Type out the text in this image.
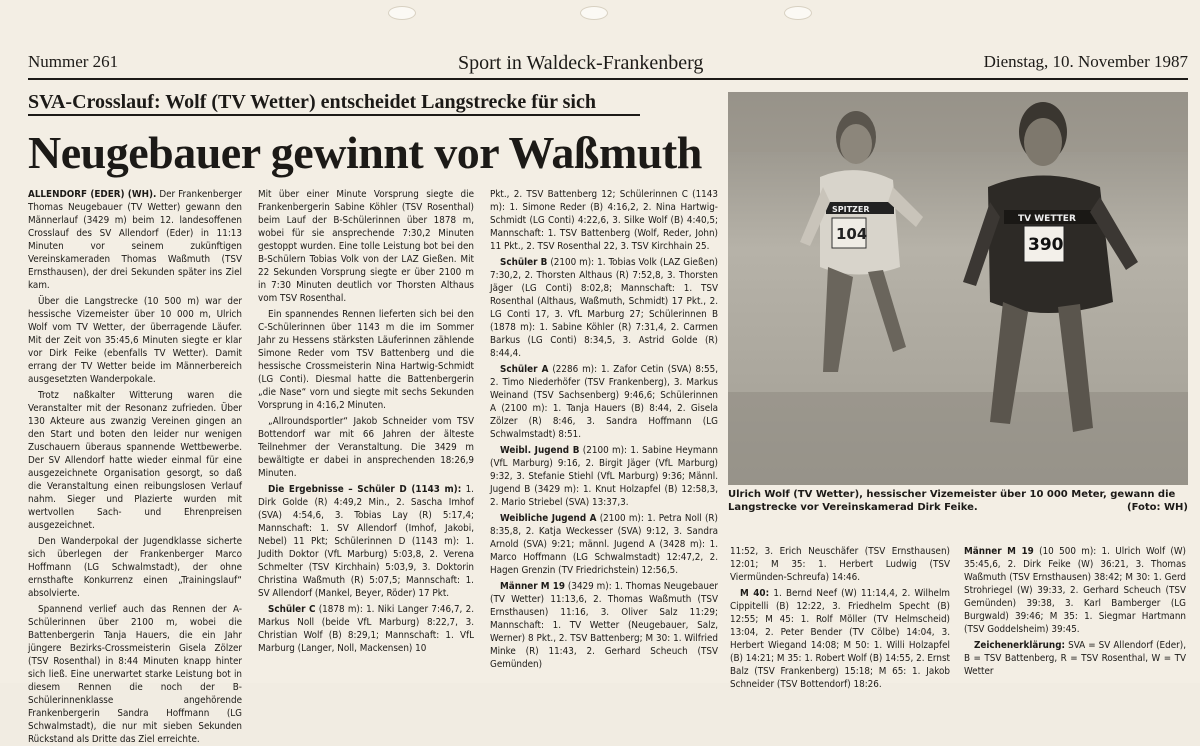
Nummer 261	Sport in Waldeck-Frankenberg	Dienstag, 10. November 1987
SVA-Crosslauf: Wolf (TV Wetter) entscheidet Langstrecke für sich
Neugebauer gewinnt vor Waßmuth

ALLENDORF (EDER) (WH). Der Frankenberger Thomas Neugebauer (TV Wetter) gewann den Männerlauf (3429 m) beim 12. landesoffenen Crosslauf des SV Allendorf (Eder) in 11:13 Minuten vor seinem zukünftigen Vereinskameraden Thomas Waßmuth (TSV Ernsthausen), der drei Sekunden später ins Ziel kam.

Über die Langstrecke (10 500 m) war der hessische Vizemeister über 10 000 m, Ulrich Wolf vom TV Wetter, der überragende Läufer. Mit der Zeit von 35:45,6 Minuten siegte er klar vor Dirk Feike (ebenfalls TV Wetter). Damit errang der TV Wetter beide im Männerbereich ausgesetzten Wanderpokale.

Trotz naßkalter Witterung waren die Veranstalter mit der Resonanz zufrieden. Über 130 Akteure aus zwanzig Vereinen gingen an den Start und boten den leider nur wenigen Zuschauern überaus spannende Wettbewerbe. Der SV Allendorf hatte wieder einmal für eine ausgezeichnete Organisation gesorgt, so daß die Veranstaltung einen reibungslosen Verlauf nahm. Sieger und Plazierte wurden mit wertvollen Sach- und Ehrenpreisen ausgezeichnet.

Den Wanderpokal der Jugendklasse sicherte sich überlegen der Frankenberger Marco Hoffmann (LG Schwalmstadt), der ohne ernsthafte Konkurrenz einen „Trainingslauf“ absolvierte.

Spannend verlief auch das Rennen der A-Schülerinnen über 2100 m, wobei die Battenbergerin Tanja Hauers, die ein Jahr jüngere Bezirks-Crossmeisterin Gisela Zölzer (TSV Rosenthal) in 8:44 Minuten knapp hinter sich ließ. Eine unerwartet starke Leistung bot in diesem Rennen die noch der B-Schülerinnenklasse angehörende Frankenbergerin Sandra Hoffmann (LG Schwalmstadt), die nur mit sieben Sekunden Rückstand als Dritte das Ziel erreichte.

Mit über einer Minute Vorsprung siegte die Frankenbergerin Sabine Köhler (TSV Rosenthal) beim Lauf der B-Schülerinnen über 1878 m, wobei für sie ansprechende 7:30,2 Minuten gestoppt wurden. Eine tolle Leistung bot bei den B-Schülern Tobias Volk von der LAZ Gießen. Mit 22 Sekunden Vorsprung siegte er über 2100 m in 7:30 Minuten deutlich vor Thorsten Althaus vom TSV Rosenthal.

Ein spannendes Rennen lieferten sich bei den C-Schülerinnen über 1143 m die im Sommer Jahr zu Hessens stärksten Läuferinnen zählende Simone Reder vom TSV Battenberg und die hessische Crossmeisterin Nina Hartwig-Schmidt (LG Conti). Diesmal hatte die Battenbergerin „die Nase“ vorn und siegte mit sechs Sekunden Vorsprung in 4:16,2 Minuten.

„Allroundsportler“ Jakob Schneider vom TSV Bottendorf war mit 66 Jahren der älteste Teilnehmer der Veranstaltung. Die 3429 m bewältigte er dabei in ansprechenden 18:26,9 Minuten.

Die Ergebnisse – Schüler D (1143 m): 1. Dirk Golde (R) 4:49,2 Min., 2. Sascha Imhof (SVA) 4:54,6, 3. Tobias Lay (R) 5:17,4; Mannschaft: 1. SV Allendorf (Imhof, Jakobi, Nebel) 11 Pkt; Schülerinnen D (1143 m): 1. Judith Doktor (VfL Marburg) 5:03,8, 2. Verena Schmelter (TSV Kirchhain) 5:03,9, 3. Doktorin Christina Waßmuth (R) 5:07,5; Mannschaft: 1. SV Allendorf (Mankel, Beyer, Röder) 17 Pkt.

Schüler C (1878 m): 1. Niki Langer 7:46,7, 2. Markus Noll (beide VfL Marburg) 8:22,7, 3. Christian Wolf (B) 8:29,1; Mannschaft: 1. VfL Marburg (Langer, Noll, Mackensen) 10

Pkt., 2. TSV Battenberg 12; Schülerinnen C (1143 m): 1. Simone Reder (B) 4:16,2, 2. Nina Hartwig-Schmidt (LG Conti) 4:22,6, 3. Silke Wolf (B) 4:40,5; Mannschaft: 1. TSV Battenberg (Wolf, Reder, John) 11 Pkt., 2. TSV Rosenthal 22, 3. TSV Kirchhain 25.

Schüler B (2100 m): 1. Tobias Volk (LAZ Gießen) 7:30,2, 2. Thorsten Althaus (R) 7:52,8, 3. Thorsten Jäger (LG Conti) 8:02,8; Mannschaft: 1. TSV Rosenthal (Althaus, Waßmuth, Schmidt) 17 Pkt., 2. LG Conti 17, 3. VfL Marburg 27; Schülerinnen B (1878 m): 1. Sabine Köhler (R) 7:31,4, 2. Carmen Barkus (LG Conti) 8:34,5, 3. Astrid Golde (R) 8:44,4.

Schüler A (2286 m): 1. Zafor Cetin (SVA) 8:55, 2. Timo Niederhöfer (TSV Frankenberg), 3. Markus Weinand (TSV Sachsenberg) 9:46,6; Schülerinnen A (2100 m): 1. Tanja Hauers (B) 8:44, 2. Gisela Zölzer (R) 8:46, 3. Sandra Hoffmann (LG Schwalmstadt) 8:51.

Weibl. Jugend B (2100 m): 1. Sabine Heymann (VfL Marburg) 9:16, 2. Birgit Jäger (VfL Marburg) 9:32, 3. Stefanie Stiehl (VfL Marburg) 9:36; Männl. Jugend B (3429 m): 1. Knut Holzapfel (B) 12:58,3, 2. Mario Striebel (SVA) 13:37,3.

Weibliche Jugend A (2100 m): 1. Petra Noll (R) 8:35,8, 2. Katja Weckesser (SVA) 9:12, 3. Sandra Arnold (SVA) 9:21; männl. Jugend A (3428 m): 1. Marco Hoffmann (LG Schwalmstadt) 12:47,2, 2. Hagen Grenzin (TV Friedrichstein) 12:56,5.

Männer M 19 (3429 m): 1. Thomas Neugebauer (TV Wetter) 11:13,6, 2. Thomas Waßmuth (TSV Ernsthausen) 11:16, 3. Oliver Salz 11:29; Mannschaft: 1. TV Wetter (Neugebauer, Salz, Werner) 8 Pkt., 2. TSV Battenberg; M 30: 1. Wilfried Minke (R) 11:43, 2. Gerhard Scheuch (TSV Gemünden)

11:52, 3. Erich Neuschäfer (TSV Ernsthausen) 12:01; M 35: 1. Herbert Ludwig (TSV Viermünden-Schreufa) 14:46.

M 40: 1. Bernd Neef (W) 11:14,4, 2. Wilhelm Cippitelli (B) 12:22, 3. Friedhelm Specht (B) 12:55; M 45: 1. Rolf Möller (TV Helmscheid) 13:04, 2. Peter Bender (TV Cölbe) 14:04, 3. Herbert Wiegand 14:08; M 50: 1. Willi Holzapfel (B) 14:21; M 35: 1. Robert Wolf (B) 14:55, 2. Ernst Balz (TSV Frankenberg) 15:18; M 65: 1. Jakob Schneider (TSV Bottendorf) 18:26.

Männer M 19 (10 500 m): 1. Ulrich Wolf (W) 35:45,6, 2. Dirk Feike (W) 36:21, 3. Thomas Waßmuth (TSV Ernsthausen) 38:42; M 30: 1. Gerd Strohriegel (W) 39:33, 2. Gerhard Scheuch (TSV Gemünden) 39:38, 3. Karl Bamberger (LG Burgwald) 39:46; M 35: 1. Siegmar Hartmann (TSV Goddelsheim) 39:45.

Zeichenerklärung: SVA = SV Allendorf (Eder), B = TSV Battenberg, R = TSV Rosenthal, W = TV Wetter

104
390
SPITZER
TV WETTER
Ulrich Wolf (TV Wetter), hessischer Vizemeister über 10 000 Meter, gewann die Langstrecke vor Vereinskamerad Dirk Feike.	(Foto: WH)
